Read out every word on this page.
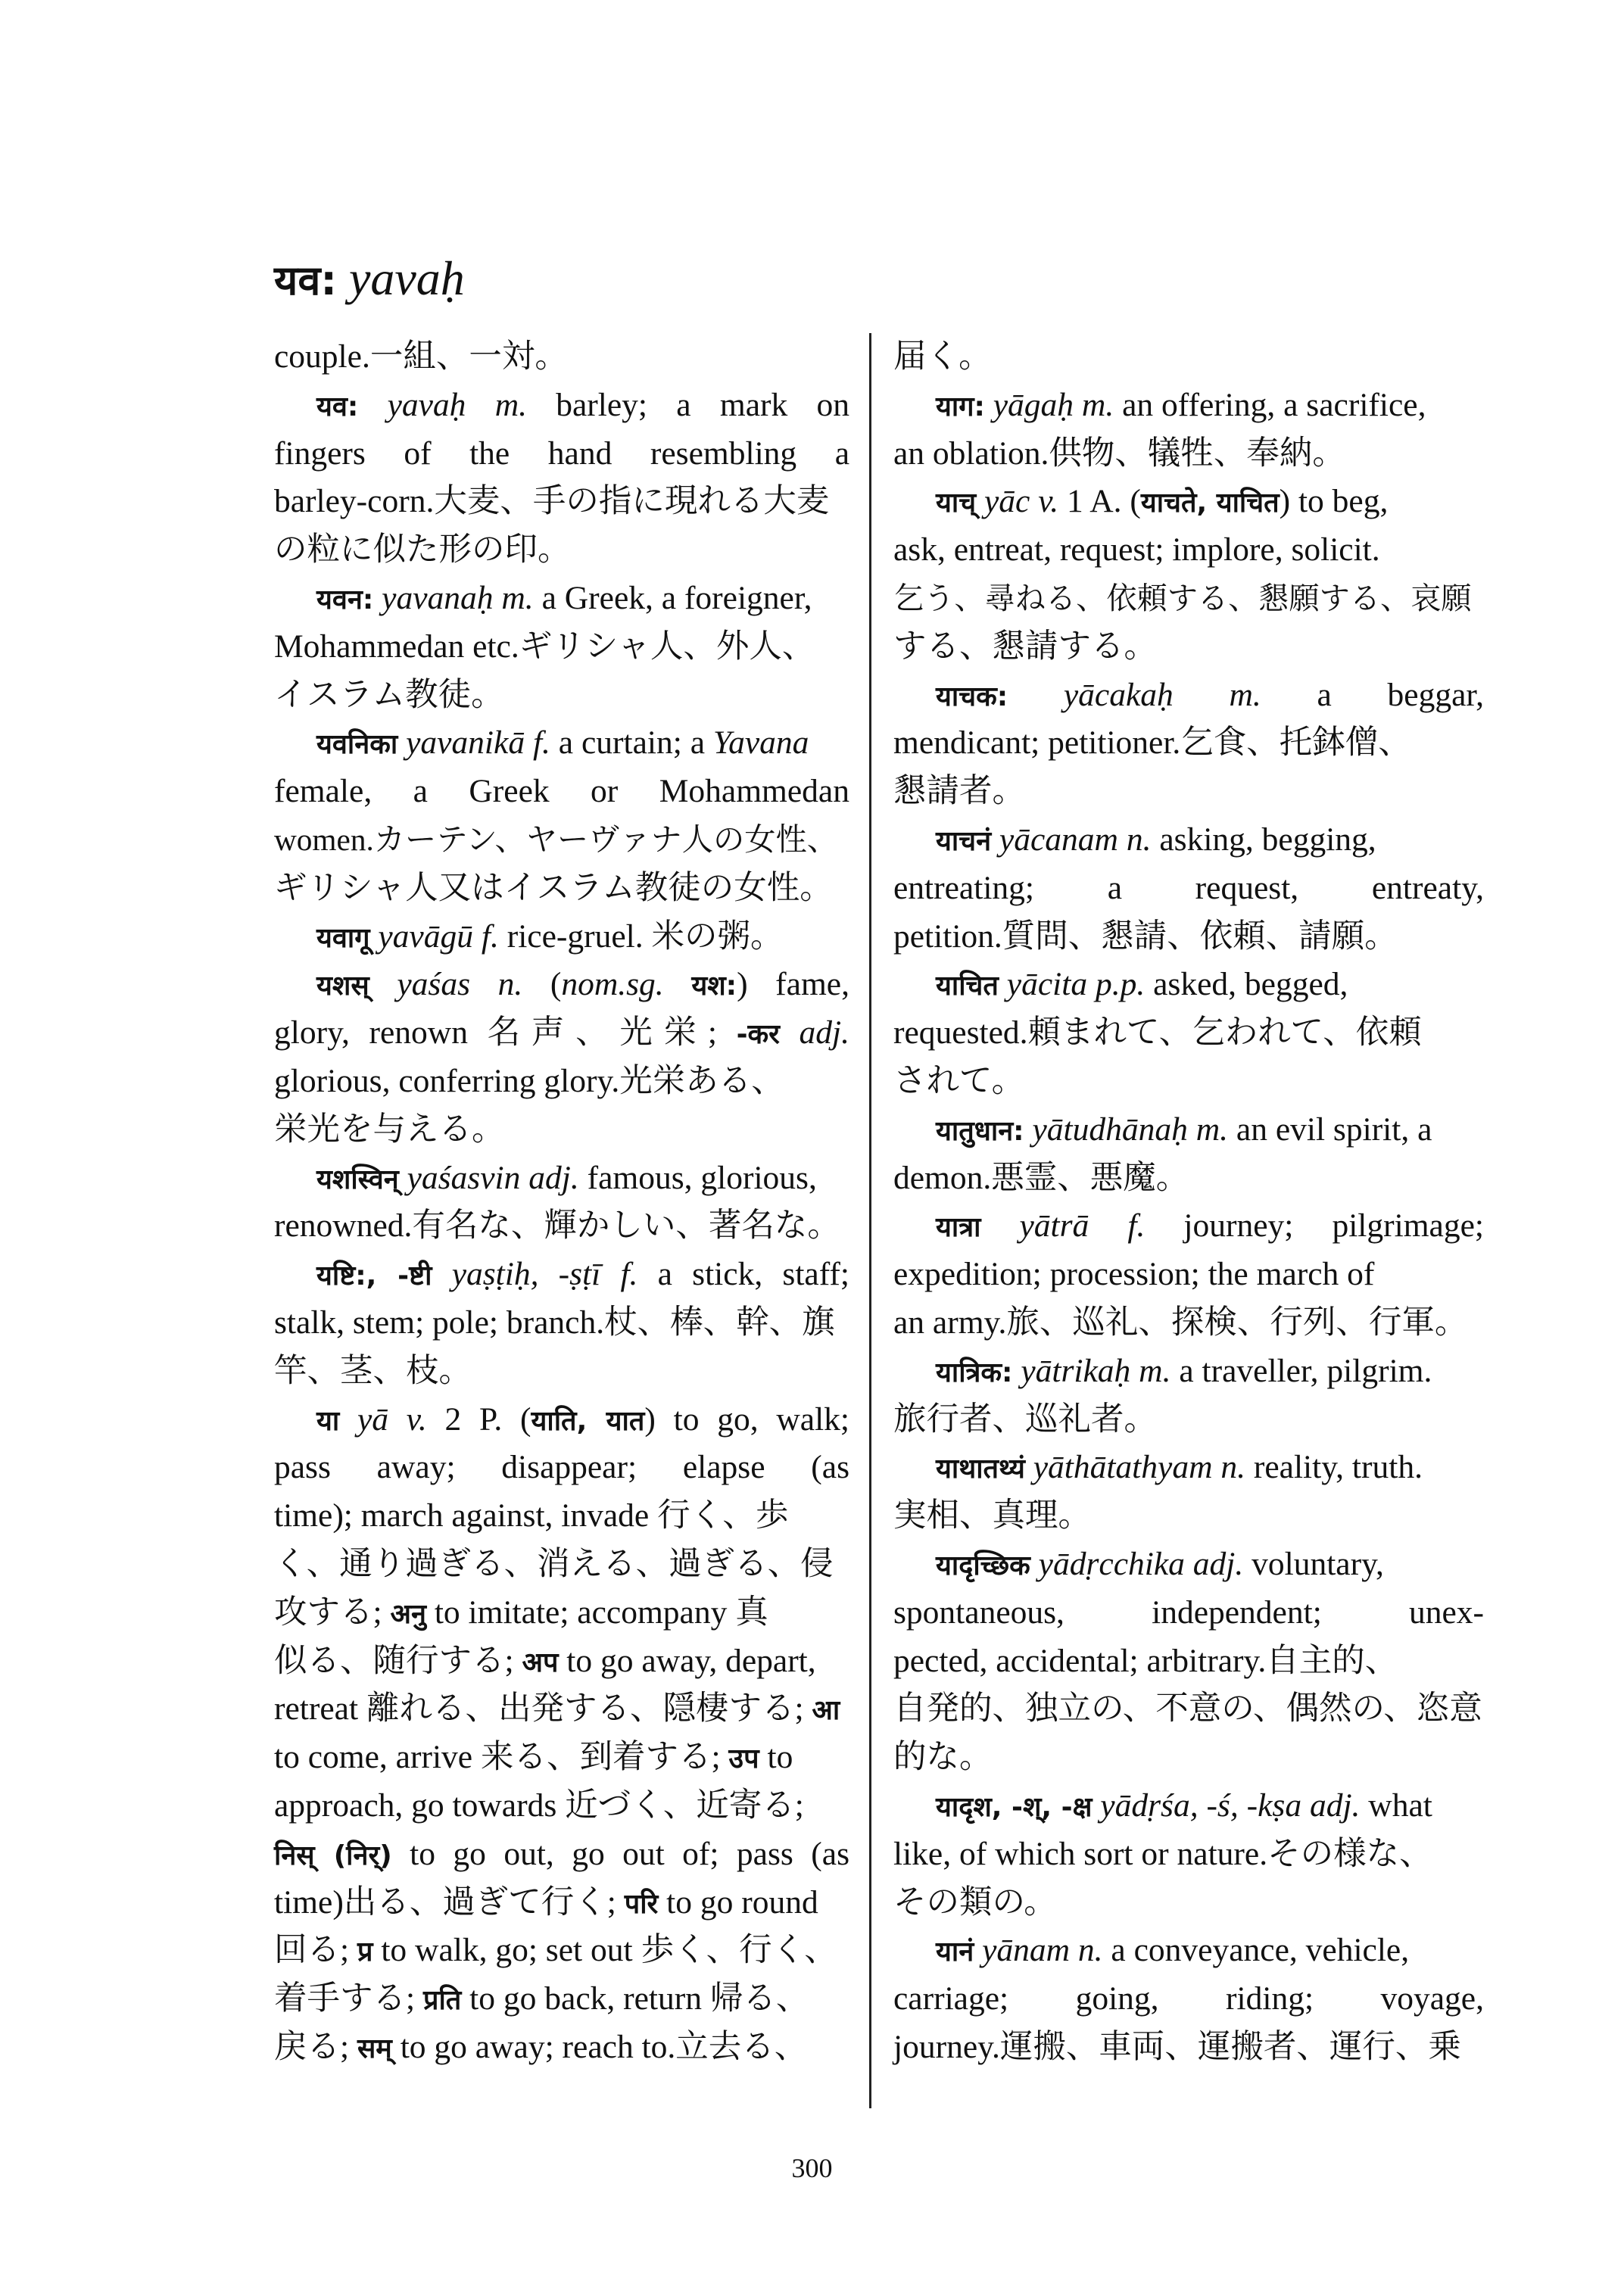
यव: yavaḥ
couple.一組、一対。
यव: yavaḥ m. barley; a mark on
fingers of the hand resembling a
barley-corn.大麦、手の指に現れる大麦
の粒に似た形の印。
यवन: yavanaḥ m. a Greek, a foreigner,
Mohammedan etc.ギリシャ人、外人、
イスラム教徒。
यवनिका yavanikā f. a curtain; a Yavana
female, a Greek or Mohammedan
women.カーテン、ヤーヴァナ人の女性、
ギリシャ人又はイスラム教徒の女性。
यवागू yavāgū f. rice-gruel. 米の粥。
यशस् yaśas n. (nom.sg. यश:) fame,
glory, renown 名声、光栄; -कर adj.
glorious, conferring glory.光栄ある、
栄光を与える。
यशस्विन् yaśasvin adj. famous, glorious,
renowned.有名な、輝かしい、著名な。
यष्टि:, -ष्टी yaṣṭiḥ, -ṣṭī f. a stick, staff;
stalk, stem; pole; branch.杖、棒、幹、旗
竿、茎、枝。
या yā v. 2 P. (याति, यात) to go, walk;
pass away; disappear; elapse (as
time); march against, invade 行く、歩
く、通り過ぎる、消える、過ぎる、侵
攻する; अनु to imitate; accompany 真
似る、随行する; अप to go away, depart,
retreat 離れる、出発する、隠棲する; आ
to come, arrive 来る、到着する; उप to
approach, go towards 近づく、近寄る;
निस् (निर्) to go out, go out of; pass (as
time)出る、過ぎて行く; परि to go round
回る; प्र to walk, go; set out 歩く、行く、
着手する; प्रति to go back, return 帰る、
戻る; सम् to go away; reach to.立去る、
届く。
याग: yāgaḥ m. an offering, a sacrifice,
an oblation.供物、犠牲、奉納。
याच् yāc v. 1 A. (याचते, याचित) to beg,
ask, entreat, request; implore, solicit.
乞う、尋ねる、依頼する、懇願する、哀願
する、懇請する。
याचक: yācakaḥ m. a beggar,
mendicant; petitioner.乞食、托鉢僧、
懇請者。
याचनं yācanam n. asking, begging,
entreating; a request, entreaty,
petition.質問、懇請、依頼、請願。
याचित yācita p.p. asked, begged,
requested.頼まれて、乞われて、依頼
されて。
यातुधान: yātudhānaḥ m. an evil spirit, a
demon.悪霊、悪魔。
यात्रा yātrā f. journey; pilgrimage;
expedition; procession; the march of
an army.旅、巡礼、探検、行列、行軍。
यात्रिक: yātrikaḥ m. a traveller, pilgrim.
旅行者、巡礼者。
याथातथ्यं yāthātathyam n. reality, truth.
実相、真理。
यादृच्छिक yādṛcchika adj. voluntary,
spontaneous, independent; unex-
pected, accidental; arbitrary.自主的、
自発的、独立の、不意の、偶然の、恣意
的な。
यादृश, -श्, -क्ष yādṛśa, -ś, -kṣa adj. what
like, of which sort or nature.その様な、
その類の。
यानं yānam n. a conveyance, vehicle,
carriage; going, riding; voyage,
journey.運搬、車両、運搬者、運行、乗
300
